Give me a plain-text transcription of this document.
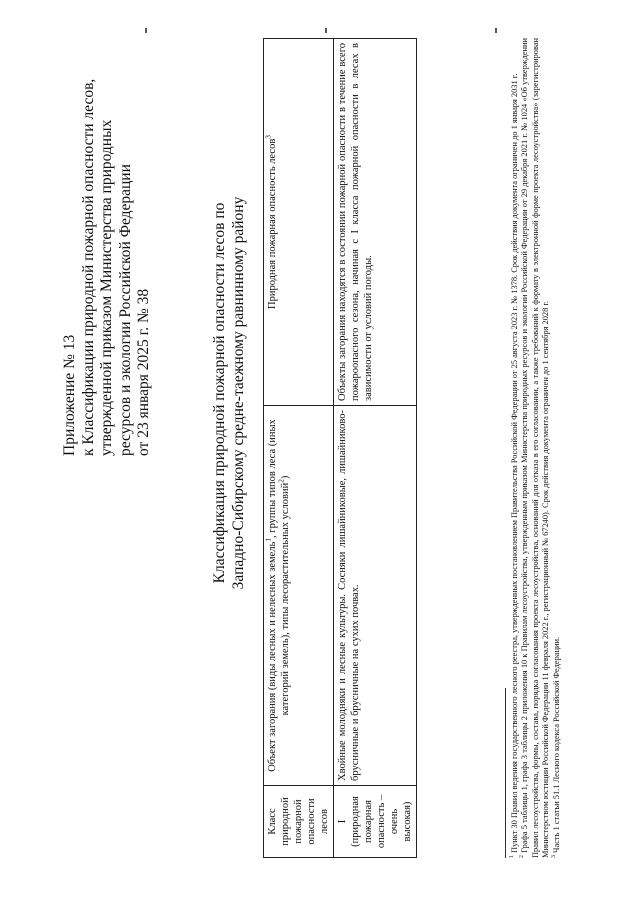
Приложение № 13 к Классификации природной пожарной опасности лесов, утвержденной приказом Министерства природных ресурсов и экологии Российской Федерации от 23 января 2025 г. № 38	Классификация природной пожарной опасности лесов по Западно-Сибирскому средне-таежному равнинному району
Класс природной пожарной опасности лесов	Объект загорания (виды лесных и нелесных земель$^1$, группы типов леса (иных категорий земель), типы лесорастительных условий$^2$)	Природная пожарная опасность лесов$^3$

I (природная пожарная опасность – очень высокая)	Хвойные молодняки и лесные культуры. Сосняки лишайниковые, лишайниково-брусничные и брусничные на сухих почвах.	Объекты загорания находятся в состоянии пожарной опасности в течение всего пожароопасного сезона, начиная с I класса пожарной опасности в лесах в зависимости от условий погоды.

$^1$ Пункт 30 Правил ведения государственного лесного реестра, утвержденных постановлением Правительства Российской Федерации от 25 августа 2023 г. № 1378. Срок действия документа ограничен до 1 января 2031 г.

$^2$ Графа 5 таблицы 1, графа 3 таблицы 2 приложения 10 к Правилам лесоустройства, утвержденным приказом Министерства природных ресурсов и экологии Российской Федерации от 29 декабря 2021 г. № 1024 «Об утверждении Правил лесоустройства, формы, состава, порядка согласования проекта лесоустройства, оснований для отказа в его согласовании, а также требований к формату в электронной форме проекта лесоустройства» (зарегистрирован Министерством юстиции Российской Федерации 11 февраля 2022 г., регистрационный № 67240). Срок действия документа ограничен до 1 сентября 2028 г. $^3$ Часть 1 статьи 51.1 Лесного кодекса Российской Федерации.
